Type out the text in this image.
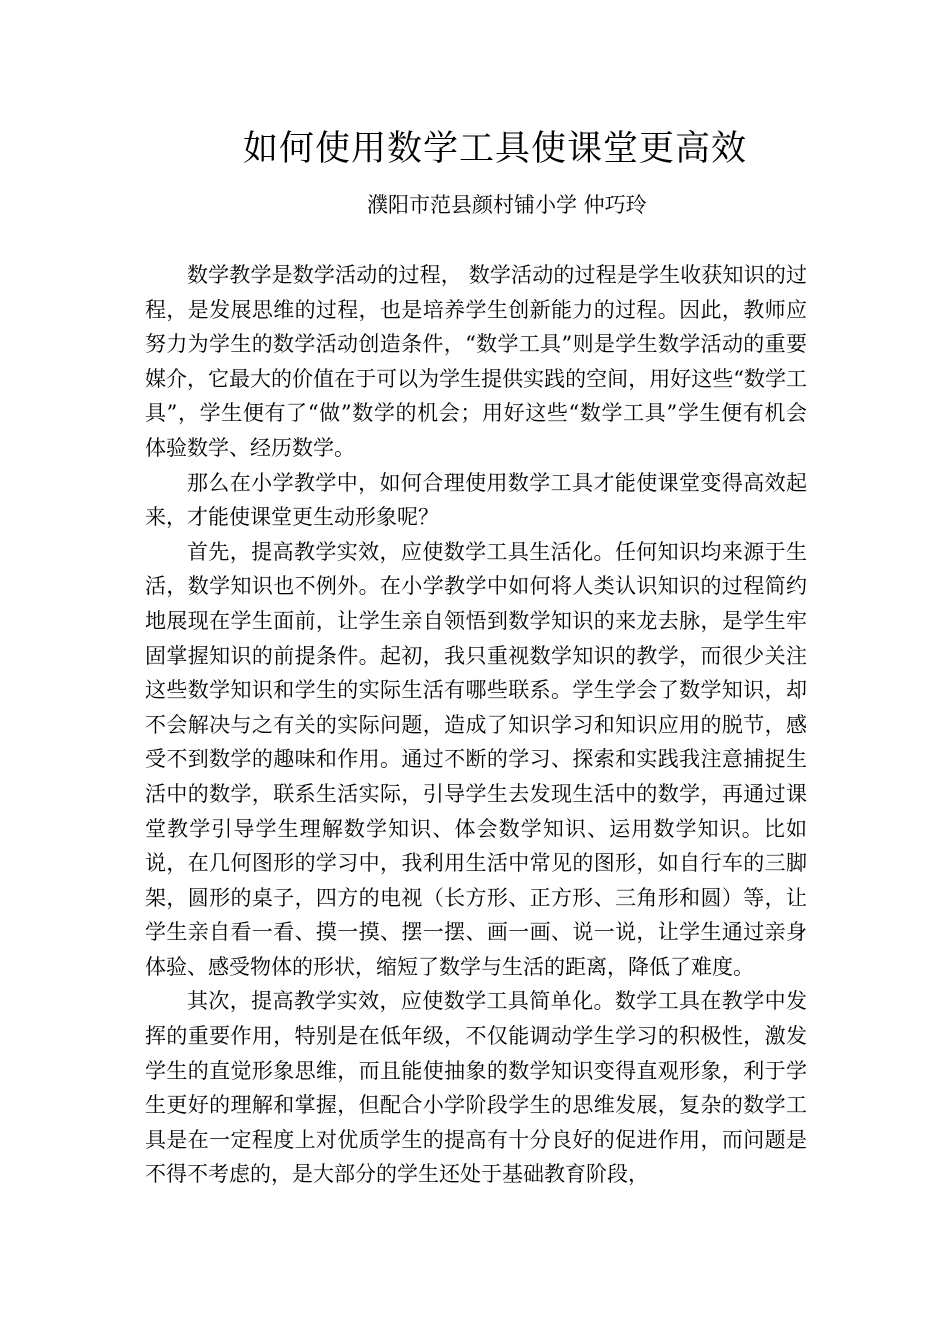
如何使用数学工具使课堂更高效
濮阳市范县颜村铺小学 仲巧玲

数学教学是数学活动的过程， 数学活动的过程是学生收获知识的过程，是发展思维的过程，也是培养学生创新能力的过程。因此，教师应努力为学生的数学活动创造条件，“数学工具”则是学生数学活动的重要媒介，它最大的价值在于可以为学生提供实践的空间，用好这些“数学工具”，学生便有了“做”数学的机会；用好这些“数学工具”学生便有机会体验数学、经历数学。

那么在小学教学中，如何合理使用数学工具才能使课堂变得高效起来，才能使课堂更生动形象呢？

首先，提高教学实效，应使数学工具生活化。任何知识均来源于生活，数学知识也不例外。在小学教学中如何将人类认识知识的过程简约地展现在学生面前，让学生亲自领悟到数学知识的来龙去脉，是学生牢固掌握知识的前提条件。起初，我只重视数学知识的教学，而很少关注这些数学知识和学生的实际生活有哪些联系。学生学会了数学知识，却不会解决与之有关的实际问题，造成了知识学习和知识应用的脱节，感受不到数学的趣味和作用。通过不断的学习、探索和实践我注意捕捉生活中的数学，联系生活实际，引导学生去发现生活中的数学，再通过课堂教学引导学生理解数学知识、体会数学知识、运用数学知识。比如说，在几何图形的学习中，我利用生活中常见的图形，如自行车的三脚架，圆形的桌子，四方的电视（长方形、正方形、三角形和圆）等，让学生亲自看一看、摸一摸、摆一摆、画一画、说一说，让学生通过亲身体验、感受物体的形状，缩短了数学与生活的距离，降低了难度。

其次，提高教学实效，应使数学工具简单化。数学工具在教学中发挥的重要作用，特别是在低年级，不仅能调动学生学习的积极性，激发学生的直觉形象思维，而且能使抽象的数学知识变得直观形象，利于学生更好的理解和掌握，但配合小学阶段学生的思维发展，复杂的数学工具是在一定程度上对优质学生的提高有十分良好的促进作用，而问题是不得不考虑的，是大部分的学生还处于基础教育阶段，
